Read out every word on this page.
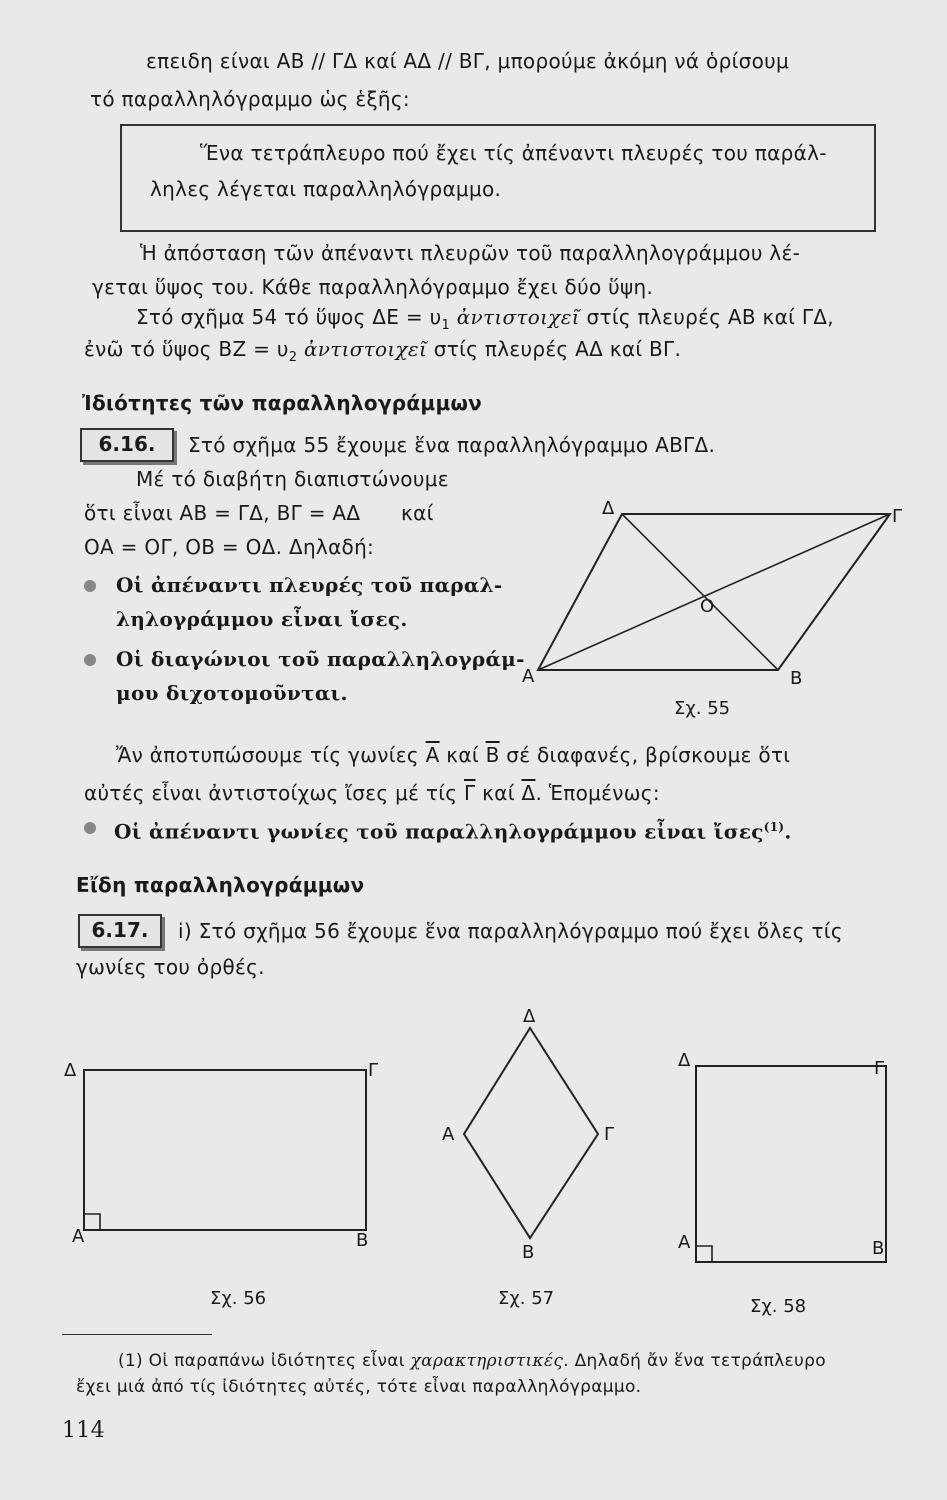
επειδη είναι ΑΒ // ΓΔ καί ΑΔ // ΒΓ, μπορούμε ἀκόμη νά ὁρίσουμ
τό παραλληλόγραμμο ὡς ἑξῆς:
Ἕνα τετράπλευρο πού ἔχει τίς ἀπέναντι πλευρές του παράλ-
ληλες λέγεται παραλληλόγραμμο.
Ἡ ἀπόσταση τῶν ἀπέναντι πλευρῶν τοῦ παραλληλογράμμου λέ-
γεται ὕψος του. Κάθε παραλληλόγραμμο ἔχει δύο ὕψη.
Στό σχῆμα 54 τό ὕψος $\Delta E = \upsilon_1$ ἀντιστοιχεῖ στίς πλευρές ΑΒ καί ΓΔ,
ἐνῶ τό ὕψος $BZ = \upsilon_2$ ἀντιστοιχεῖ στίς πλευρές ΑΔ καί ΒΓ.
Ἰδιότητες τῶν παραλληλογράμμων
6.16.	Στό σχῆμα 55 ἔχουμε ἕνα παραλληλόγραμμο ΑΒΓΔ.
Μέ τό διαβήτη διαπιστώνουμε
ὅτι εἶναι ΑΒ = ΓΔ, ΒΓ = ΑΔ καί
ΟΑ = ΟΓ, ΟΒ = ΟΔ. Δηλαδή:
Οἱ ἀπέναντι πλευρές τοῦ παραλ-
ληλογράμμου εἶναι ἴσες.
Οἱ διαγώνιοι τοῦ παραλληλογράμ-
μου διχοτομοῦνται.
Δ	Γ
Ο
Α	Β
Σχ. 55
Ἄν ἀποτυπώσουμε τίς γωνίες $\overline{A}$ καί $\overline{B}$ σέ διαφανές, βρίσκουμε ὅτι
αὐτές εἶναι ἀντιστοίχως ἴσες μέ τίς $\overline{\Gamma}$ καί $\overline{\Delta}$. Ἑπομένως:
Οἱ ἀπέναντι γωνίες τοῦ παραλληλογράμμου εἶναι ἴσες$^{(1)}$.
Εἴδη παραλληλογράμμων
6.17.	i) Στό σχῆμα 56 ἔχουμε ἕνα παραλληλόγραμμο πού ἔχει ὅλες τίς
γωνίες του ὀρθές.
Δ	Γ
Α	Β
Σχ. 56
Δ
Γ
Α
Β
Σχ. 57
Δ	Γ
Α	Β
Σχ. 58
(1) Οἱ παραπάνω ἰδιότητες εἶναι χαρακτηριστικές. Δηλαδή ἄν ἕνα τετράπλευρο
ἔχει μιά ἀπό τίς ἰδιότητες αὐτές, τότε εἶναι παραλληλόγραμμο.
114
